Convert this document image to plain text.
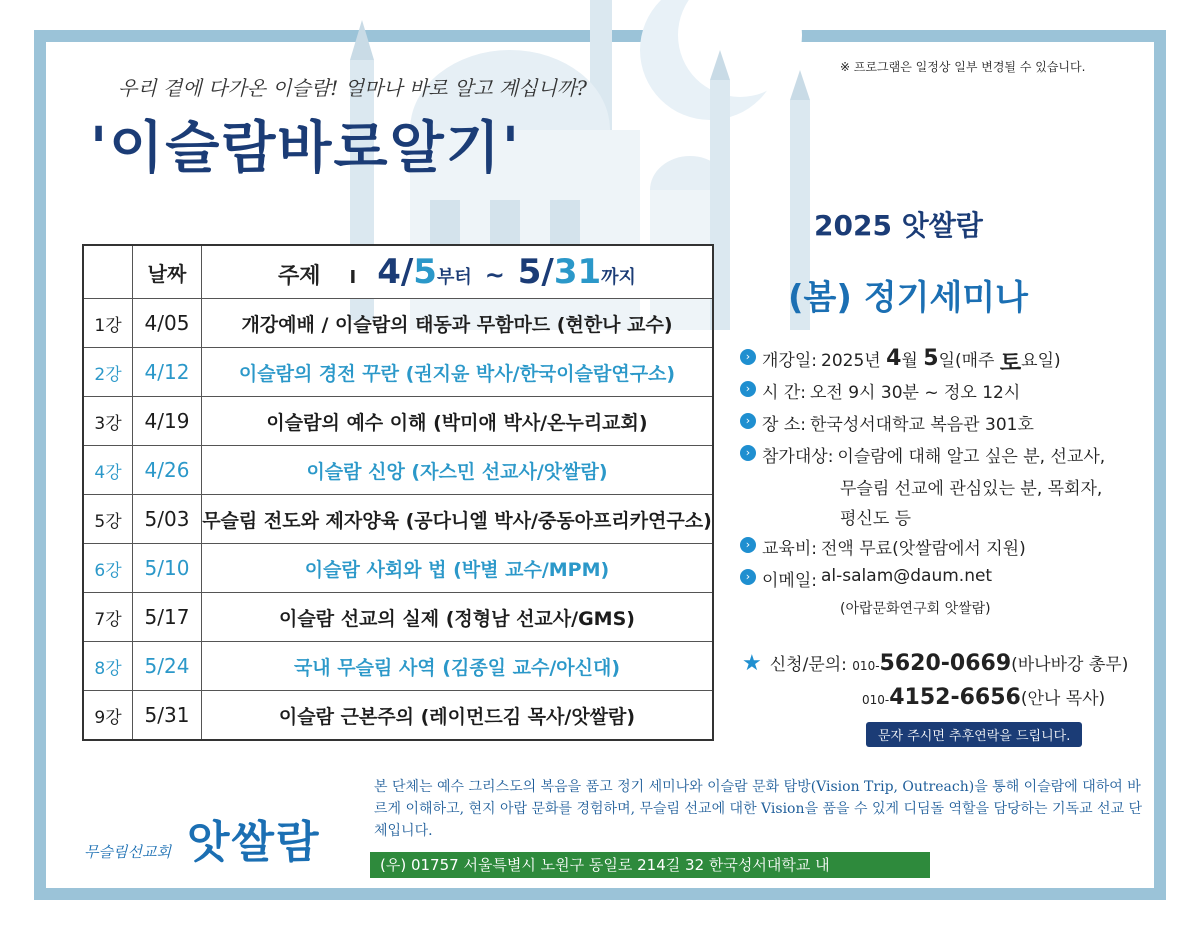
※ 프로그램은 일정상 일부 변경될 수 있습니다.
우리 곁에 다가온 이슬람! 얼마나 바로 알고 계십니까?
'이슬람바로알기'
	날짜	주제 I 4/5부터 ~ 5/31까지
1강	4/05	개강예배 / 이슬람의 태동과 무함마드 (현한나 교수)
2강	4/12	이슬람의 경전 꾸란 (권지윤 박사/한국이슬람연구소)
3강	4/19	이슬람의 예수 이해 (박미애 박사/온누리교회)
4강	4/26	이슬람 신앙 (자스민 선교사/앗쌀람)
5강	5/03	무슬림 전도와 제자양육 (공다니엘 박사/중동아프리카연구소)
6강	5/10	이슬람 사회와 법 (박별 교수/MPM)
7강	5/17	이슬람 선교의 실제 (정형남 선교사/GMS)
8강	5/24	국내 무슬림 사역 (김종일 교수/아신대)
9강	5/31	이슬람 근본주의 (레이먼드김 목사/앗쌀람)
2025 앗쌀람
(봄) 정기세미나
› 개강일: 2025년
4 월
5 일(매주
토 요일)
› 시 간: 오전 9시 30분 ~ 정오 12시
› 장 소: 한국성서대학교 복음관 301호
› 참가대상: 이슬람에 대해 알고 싶은 분, 선교사,
무슬림 선교에 관심있는 분, 목회자,
평신도 등
› 교육비: 전액 무료(앗쌀람에서 지원)
› 이메일: al-salam@daum.net
(아랍문화연구회 앗쌀람)
★ 신청/문의: 010-5620-0669(바나바강 총무)
010-4152-6656(안나 목사)
문자 주시면 추후연락을 드립니다.
무슬림선교회 앗쌀람
본 단체는 예수 그리스도의 복음을 품고 정기 세미나와 이슬람 문화 탐방(Vision Trip, Outreach)을 통해 이슬람에 대하여 바르게 이해하고, 현지 아랍 문화를 경험하며, 무슬림 선교에 대한 Vision을 품을 수 있게 디딤돌 역할을 담당하는 기독교 선교 단체입니다.
(우) 01757 서울특별시 노원구 동일로 214길 32 한국성서대학교 내
